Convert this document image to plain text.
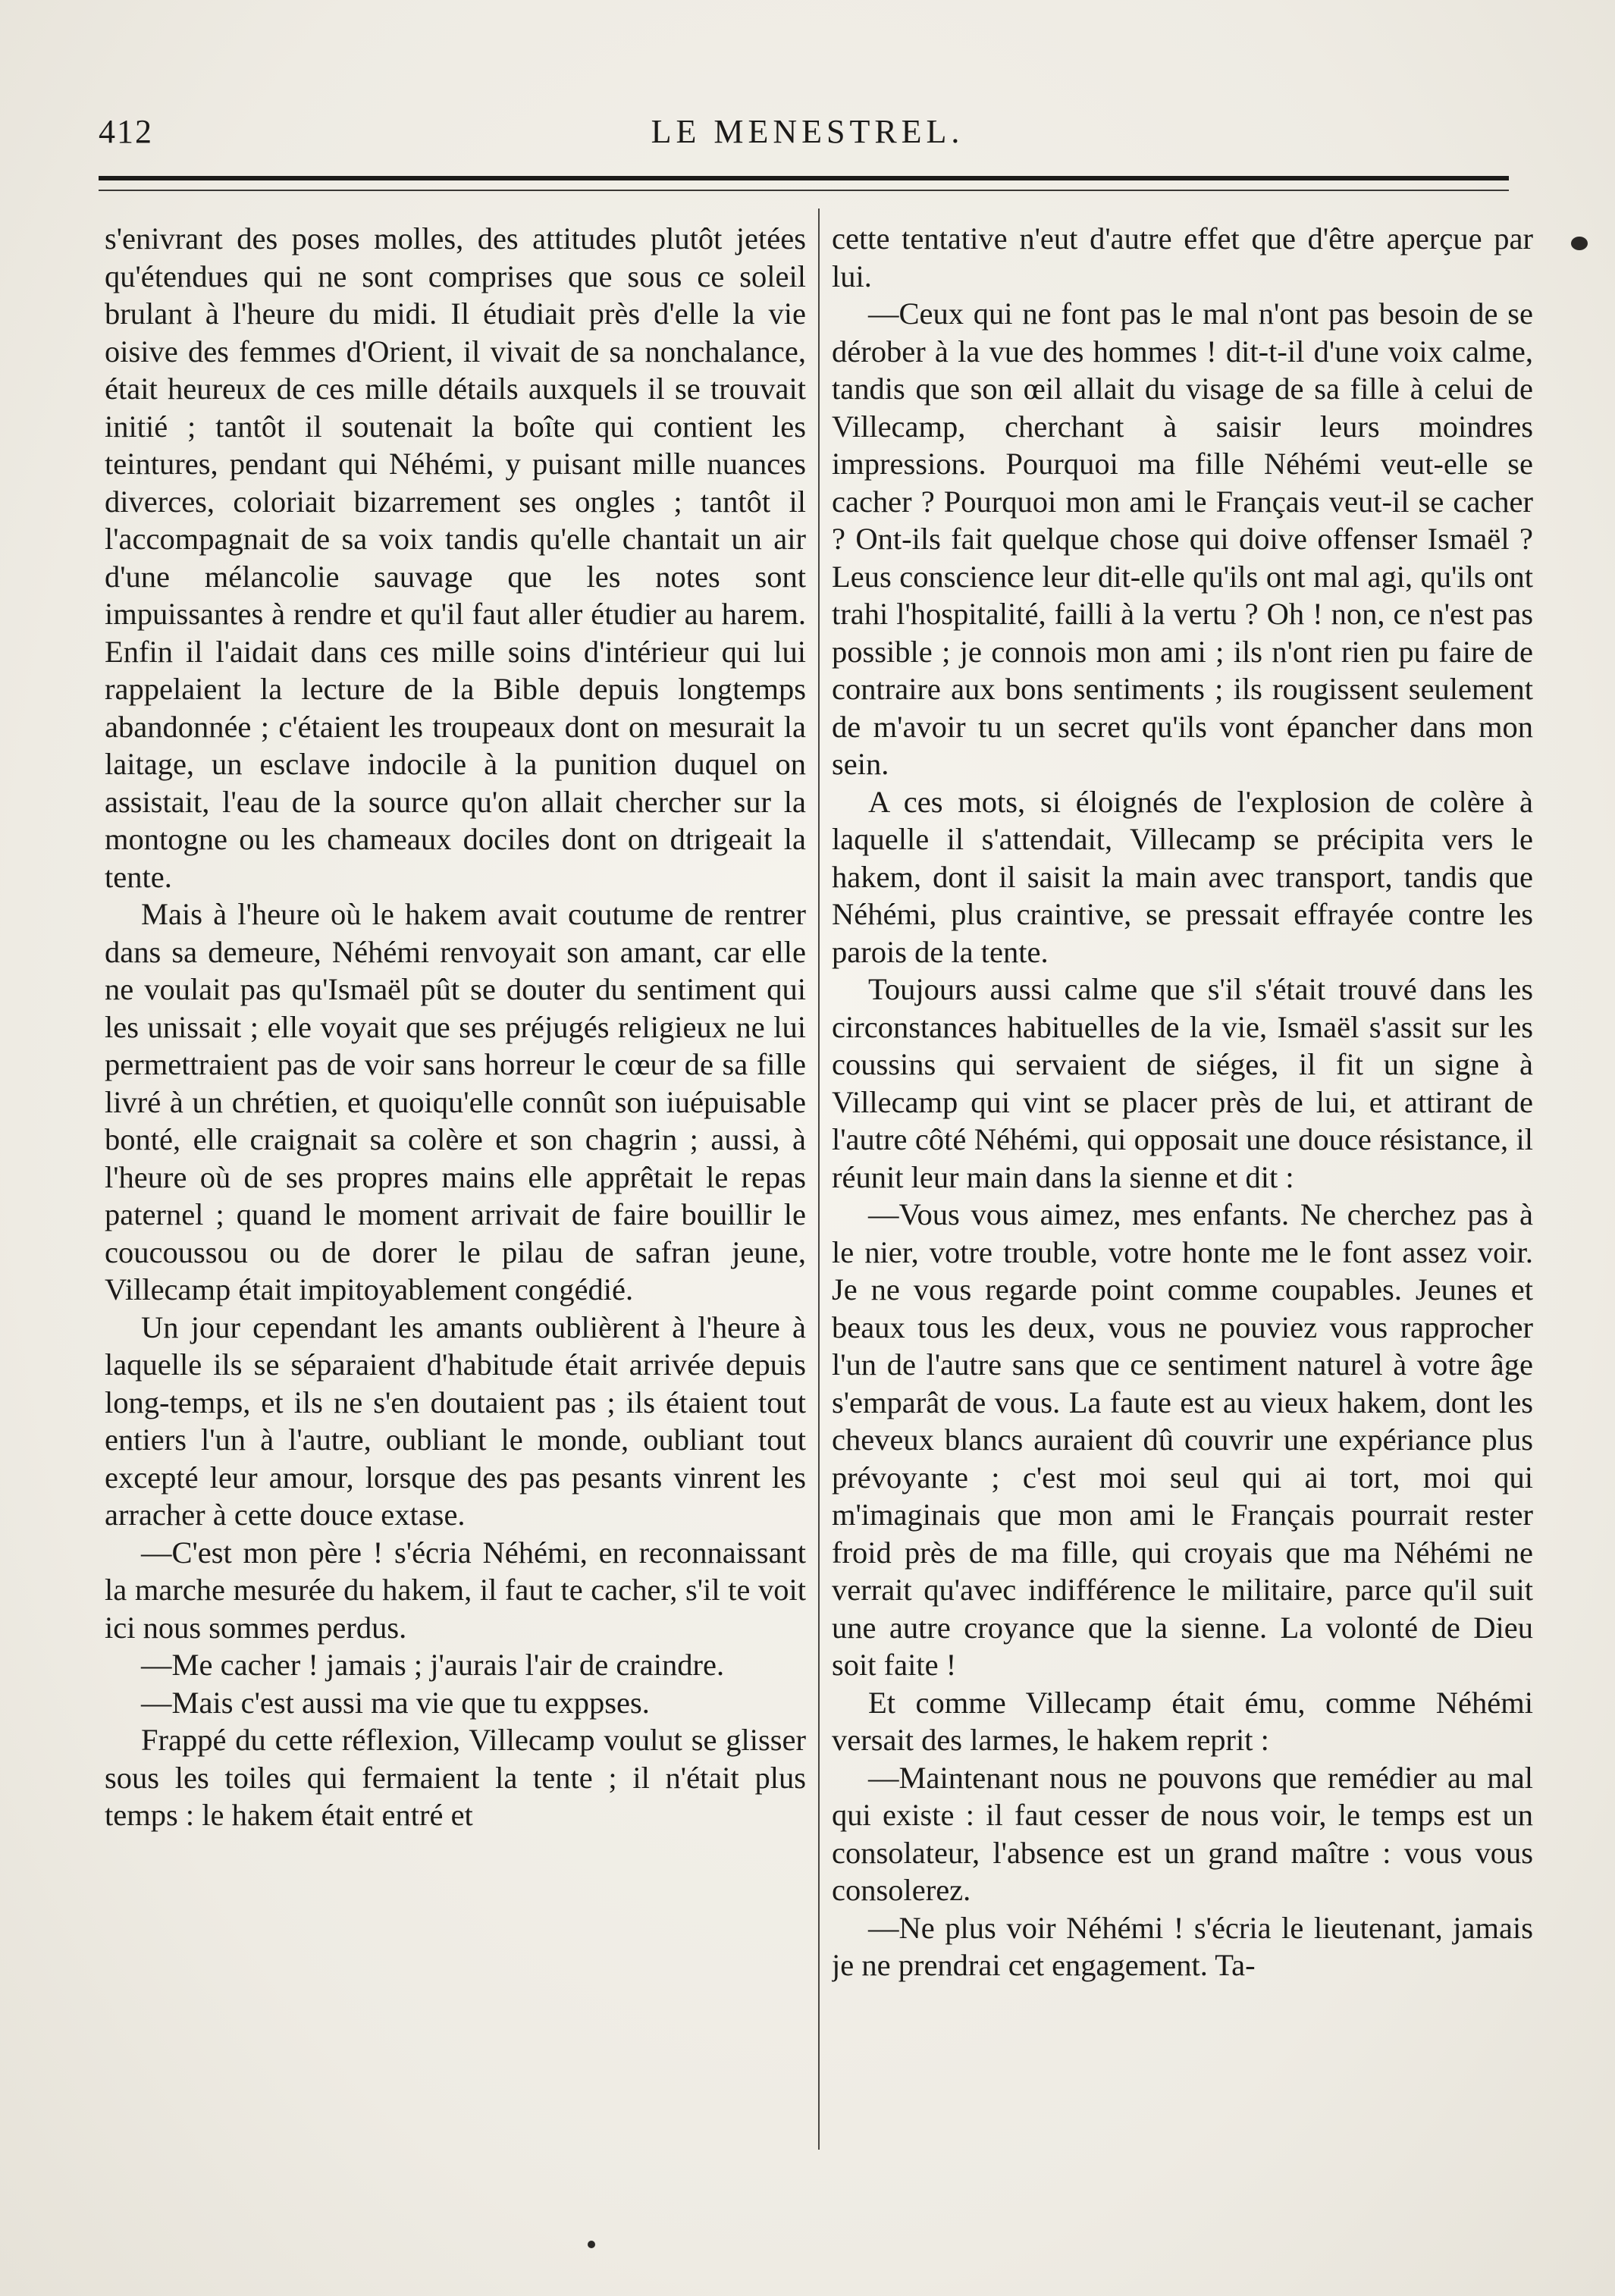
412	LE MENESTREL.

s'enivrant des poses molles, des attitudes plutôt jetées qu'étendues qui ne sont comprises que sous ce soleil brulant à l'heure du midi. Il étudiait près d'elle la vie oisive des femmes d'Orient, il vivait de sa nonchalance, était heureux de ces mille détails auxquels il se trouvait initié ; tantôt il soutenait la boîte qui contient les teintures, pendant qui Néhémi, y puisant mille nuances diverces, coloriait bizarrement ses ongles ; tantôt il l'accompagnait de sa voix tandis qu'elle chantait un air d'une mélancolie sauvage que les notes sont impuissantes à rendre et qu'il faut aller étudier au harem. Enfin il l'aidait dans ces mille soins d'intérieur qui lui rappelaient la lecture de la Bible depuis longtemps abandonnée ; c'étaient les troupeaux dont on mesurait la laitage, un esclave indocile à la punition duquel on assistait, l'eau de la source qu'on allait chercher sur la montogne ou les chameaux dociles dont on dtrigeait la tente.

Mais à l'heure où le hakem avait coutume de rentrer dans sa demeure, Néhémi renvoyait son amant, car elle ne voulait pas qu'Ismaël pût se douter du sentiment qui les unissait ; elle voyait que ses préjugés religieux ne lui permettraient pas de voir sans horreur le cœur de sa fille livré à un chrétien, et quoiqu'elle connût son iuépuisable bonté, elle craignait sa colère et son chagrin ; aussi, à l'heure où de ses propres mains elle apprêtait le repas paternel ; quand le moment arrivait de faire bouillir le coucoussou ou de dorer le pilau de safran jeune, Villecamp était impitoyablement congédié.

Un jour cependant les amants oublièrent à l'heure à laquelle ils se séparaient d'habitude était arrivée depuis long-temps, et ils ne s'en doutaient pas ; ils étaient tout entiers l'un à l'autre, oubliant le monde, oubliant tout excepté leur amour, lorsque des pas pesants vinrent les arracher à cette douce extase.

—C'est mon père ! s'écria Néhémi, en reconnaissant la marche mesurée du hakem, il faut te cacher, s'il te voit ici nous sommes perdus.

—Me cacher ! jamais ; j'aurais l'air de craindre.

—Mais c'est aussi ma vie que tu exppses.

Frappé du cette réflexion, Villecamp voulut se glisser sous les toiles qui fermaient la tente ; il n'était plus temps : le hakem était entré et

cette tentative n'eut d'autre effet que d'être aperçue par lui.

—Ceux qui ne font pas le mal n'ont pas besoin de se dérober à la vue des hommes ! dit-t-il d'une voix calme, tandis que son œil allait du visage de sa fille à celui de Villecamp, cherchant à saisir leurs moindres impressions. Pourquoi ma fille Néhémi veut-elle se cacher ? Pourquoi mon ami le Français veut-il se cacher ? Ont-ils fait quelque chose qui doive offenser Ismaël ? Leus conscience leur dit-elle qu'ils ont mal agi, qu'ils ont trahi l'hospitalité, failli à la vertu ? Oh ! non, ce n'est pas possible ; je connois mon ami ; ils n'ont rien pu faire de contraire aux bons sentiments ; ils rougissent seulement de m'avoir tu un secret qu'ils vont épancher dans mon sein.

A ces mots, si éloignés de l'explosion de colère à laquelle il s'attendait, Villecamp se précipita vers le hakem, dont il saisit la main avec transport, tandis que Néhémi, plus craintive, se pressait effrayée contre les parois de la tente.

Toujours aussi calme que s'il s'était trouvé dans les circonstances habituelles de la vie, Ismaël s'assit sur les coussins qui servaient de siéges, il fit un signe à Villecamp qui vint se placer près de lui, et attirant de l'autre côté Néhémi, qui opposait une douce résistance, il réunit leur main dans la sienne et dit :

—Vous vous aimez, mes enfants. Ne cherchez pas à le nier, votre trouble, votre honte me le font assez voir. Je ne vous regarde point comme coupables. Jeunes et beaux tous les deux, vous ne pouviez vous rapprocher l'un de l'autre sans que ce sentiment naturel à votre âge s'emparât de vous. La faute est au vieux hakem, dont les cheveux blancs auraient dû couvrir une expériance plus prévoyante ; c'est moi seul qui ai tort, moi qui m'imaginais que mon ami le Français pourrait rester froid près de ma fille, qui croyais que ma Néhémi ne verrait qu'avec indifférence le militaire, parce qu'il suit une autre croyance que la sienne. La volonté de Dieu soit faite !

Et comme Villecamp était ému, comme Néhémi versait des larmes, le hakem reprit :

—Maintenant nous ne pouvons que remédier au mal qui existe : il faut cesser de nous voir, le temps est un consolateur, l'absence est un grand maître : vous vous consolerez.

—Ne plus voir Néhémi ! s'écria le lieutenant, jamais je ne prendrai cet engagement. Ta-
